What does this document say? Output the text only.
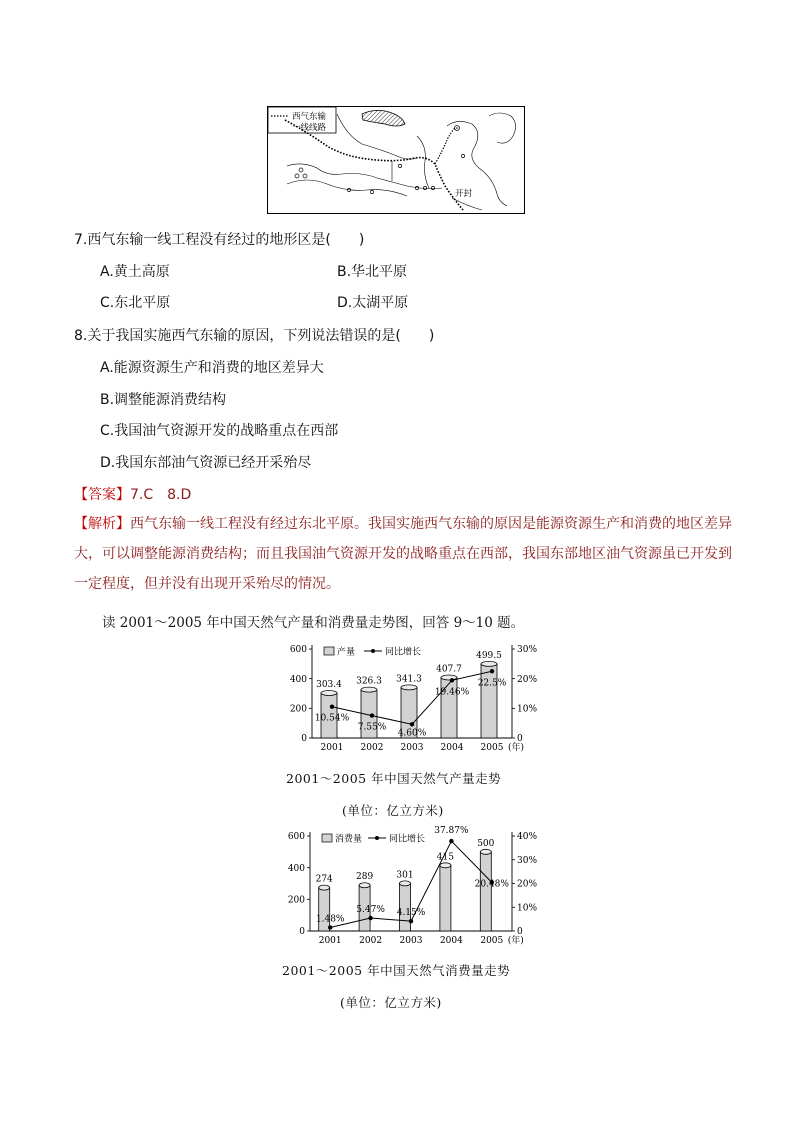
西气东输
一线线路
开封
7.西气东输一线工程没有经过的地形区是(　　)
A.黄土高原	B.华北平原
C.东北平原	D.太湖平原
8.关于我国实施西气东输的原因，下列说法错误的是(　　)
A.能源资源生产和消费的地区差异大
B.调整能源消费结构
C.我国油气资源开发的战略重点在西部
D.我国东部油气资源已经开采殆尽
【答案】7.C　8.D
【解析】西气东输一线工程没有经过东北平原。我国实施西气东输的原因是能源资源生产和消费的地区差异大，可以调整能源消费结构；而且我国油气资源开发的战略重点在西部，我国东部地区油气资源虽已开发到一定程度，但并没有出现开采殆尽的情况。
读 2001～2005 年中国天然气产量和消费量走势图，回答 9～10 题。
0
200
400
600
0
10%
20%
30%
303.4 326.3 341.3
407.7
499.5
2001 2002 2003 2004 2005 (年)
10.54%
7.55%
4.60%
19.46%
22.5%
产量	同比增长
2001～2005 年中国天然气产量走势
(单位：亿立方米)
0
200
400
600
0
10%
20%
30%
40%
274	289	301
415
500
2001 2002 2003 2004 2005 (年)
1.48%
5.47% 4.15%
37.87%
20.48%
消费量	同比增长
2001～2005 年中国天然气消费量走势
(单位：亿立方米)
